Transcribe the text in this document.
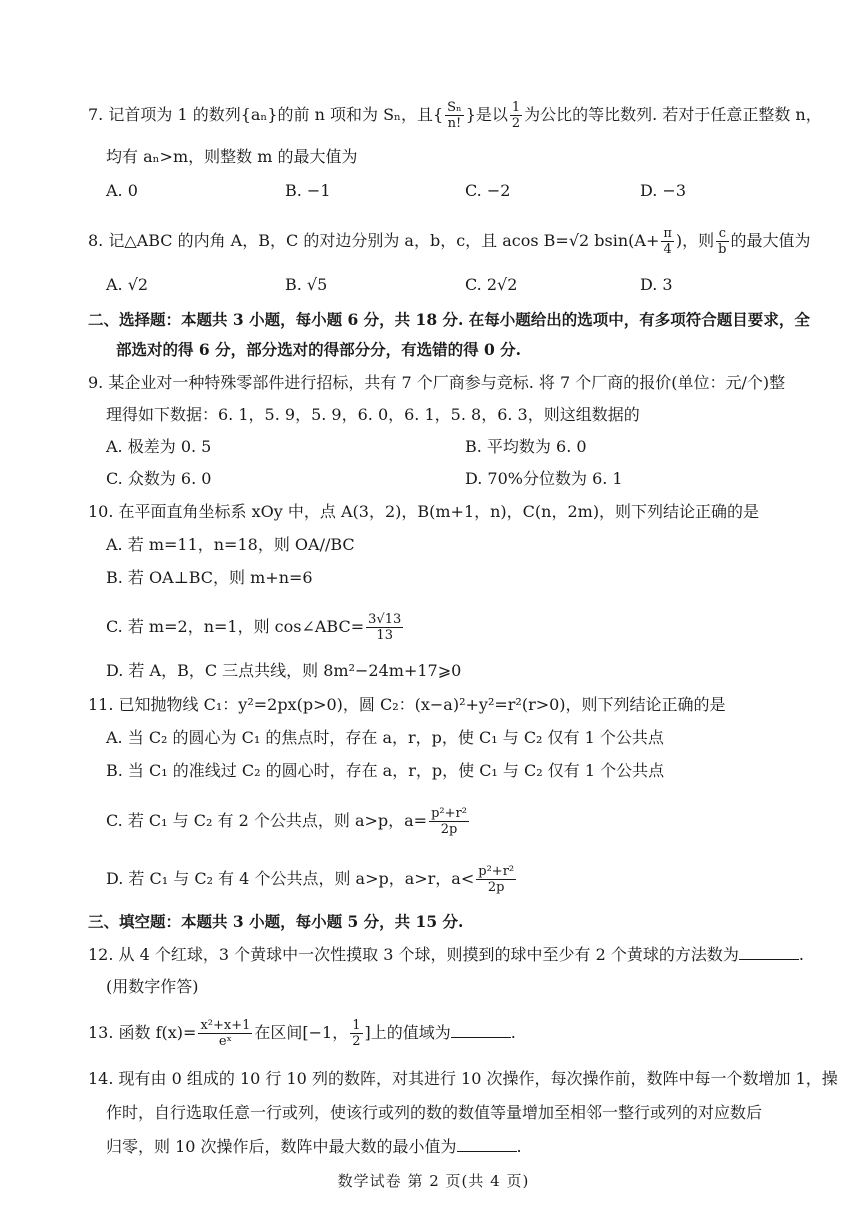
7. 记首项为 1 的数列{aₙ}的前 n 项和为 Sₙ，且{ $\frac{\text{Sₙ}}{n!}$ }是以 $\frac{1}{2}$ 为公比的等比数列. 若对于任意正整数 n，
均有 aₙ>m，则整数 m 的最大值为
A. 0	B. −1	C. −2	D. −3
8. 记△ABC 的内角 A，B，C 的对边分别为 a，b，c，且 acos B=√2 $bsin(A+ \frac{\pi}{4}$ )，则 $\frac{c}{b}$ 的最大值为
A. √2	B. √5	C. 2√2	D. 3
二、选择题：本题共 3 小题，每小题 6 分，共 18 分. 在每小题给出的选项中，有多项符合题目要求，全
部选对的得 6 分，部分选对的得部分分，有选错的得 0 分.
9. 某企业对一种特殊零部件进行招标，共有 7 个厂商参与竞标. 将 7 个厂商的报价(单位：元/个)整
理得如下数据：6. 1，5. 9，5. 9，6. 0，6. 1，5. 8，6. 3，则这组数据的
A. 极差为 0. 5	B. 平均数为 6. 0
C. 众数为 6. 0	D. 70%分位数为 6. 1
10. 在平面直角坐标系 xOy 中，点 A(3，2)，B(m+1，n)，C(n，2m)，则下列结论正确的是
A. 若 m=11，n=18，则 OA//BC
B. 若 OA⊥BC，则 m+n=6
C. 若 m=2，n=1，则 cos∠ABC= $\frac{3√13}{13}$
D. 若 A，B，C 三点共线，则 8m²−24m+17⩾0
11. 已知抛物线 C₁：y²=2px(p>0)，圆 C₂：(x−a)²+y²=r²(r>0)，则下列结论正确的是
A. 当 C₂ 的圆心为 C₁ 的焦点时，存在 a，r，p，使 C₁ 与 C₂ 仅有 1 个公共点
B. 当 C₁ 的准线过 C₂ 的圆心时，存在 a，r，p，使 C₁ 与 C₂ 仅有 1 个公共点
C. 若 C₁ 与 C₂ 有 2 个公共点，则 a>p，$a= \frac{\text{p²+r²}}{2p}$
D. 若 C₁ 与 C₂ 有 4 个公共点，则 a>p，a>r，$a< \frac{\text{p²+r²}}{2p}$
三、填空题：本题共 3 小题，每小题 5 分，共 15 分.
12. 从 4 个红球，3 个黄球中一次性摸取 3 个球，则摸到的球中至少有 2 个黄球的方法数为	.
(用数字作答)
13. 函数 $f(x)= \frac{\text{x²+x+1}}{\text{eˣ}}$ 在区间[−1， $\frac{1}{2}$ ]上的值域为	.
14. 现有由 0 组成的 10 行 10 列的数阵，对其进行 10 次操作，每次操作前，数阵中每一个数增加 1，操
作时，自行选取任意一行或列，使该行或列的数的数值等量增加至相邻一整行或列的对应数后
归零，则 10 次操作后，数阵中最大数的最小值为	.
数学试卷 第 2 页(共 4 页)
